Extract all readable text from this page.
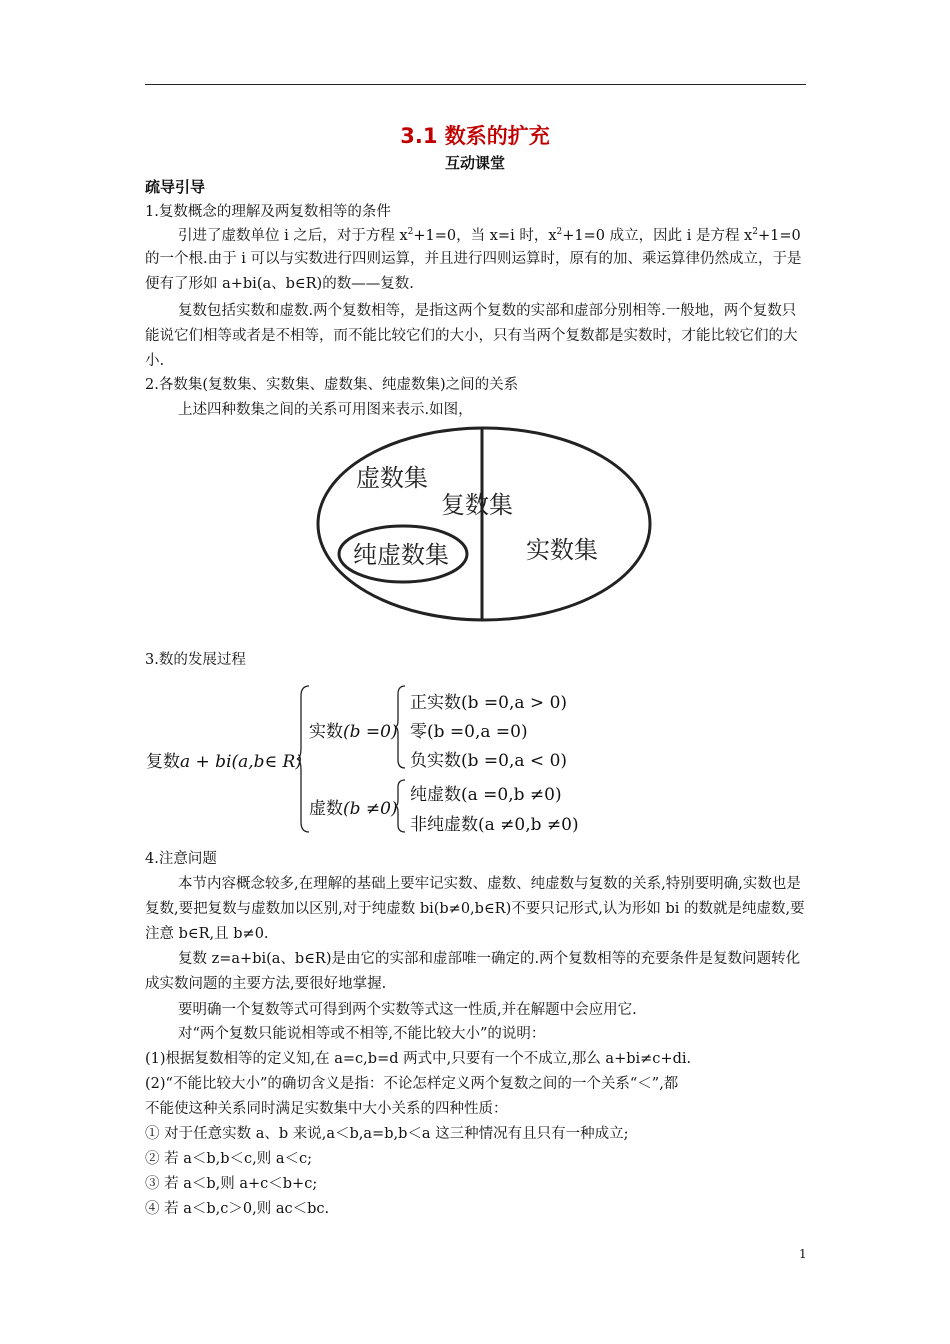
3.1 数系的扩充
互动课堂
疏导引导
1.复数概念的理解及两复数相等的条件
引进了虚数单位 i 之后，对于方程 $x^2+1=0$，当 x=i 时，$x^2+1=0$ 成立，因此 i 是方程 $x^2+1=0$
的一个根.由于 i 可以与实数进行四则运算，并且进行四则运算时，原有的加、乘运算律仍然成立，于是便有了形如 a+bi(a、b∈R)的数——复数.
复数包括实数和虚数.两个复数相等，是指这两个复数的实部和虚部分别相等.一般地，两个复数只能说它们相等或者是不相等，而不能比较它们的大小，只有当两个复数都是实数时，才能比较它们的大小.
2.各数集(复数集、实数集、虚数集、纯虚数集)之间的关系
上述四种数集之间的关系可用图来表示.如图，
虚数集
复数集
纯虚数集	实数集
3.数的发展过程
复数a + bi(a,b∈ R)
实数(b =0)
正实数(b =0,a > 0)
零(b =0,a =0)
负实数(b =0,a < 0)
虚数(b ≠0)
纯虚数(a =0,b ≠0)
非纯虚数(a ≠0,b ≠0)
4.注意问题
本节内容概念较多,在理解的基础上要牢记实数、虚数、纯虚数与复数的关系,特别要明确,实数也是复数,要把复数与虚数加以区别,对于纯虚数 bi(b≠0,b∈R)不要只记形式,认为形如 bi 的数就是纯虚数,要注意 b∈R,且 b≠0.
复数 z=a+bi(a、b∈R)是由它的实部和虚部唯一确定的.两个复数相等的充要条件是复数问题转化成实数问题的主要方法,要很好地掌握.
要明确一个复数等式可得到两个实数等式这一性质,并在解题中会应用它.
对“两个复数只能说相等或不相等,不能比较大小”的说明：
(1)根据复数相等的定义知,在 a=c,b=d 两式中,只要有一个不成立,那么 a+bi≠c+di.
(2)“不能比较大小”的确切含义是指：不论怎样定义两个复数之间的一个关系“＜”,都
不能使这种关系同时满足实数集中大小关系的四种性质：
① 对于任意实数 a、b 来说,a＜b,a=b,b＜a 这三种情况有且只有一种成立;
② 若 a＜b,b＜c,则 a＜c;
③ 若 a＜b,则 a+c＜b+c;
④ 若 a＜b,c＞0,则 ac＜bc.
1
